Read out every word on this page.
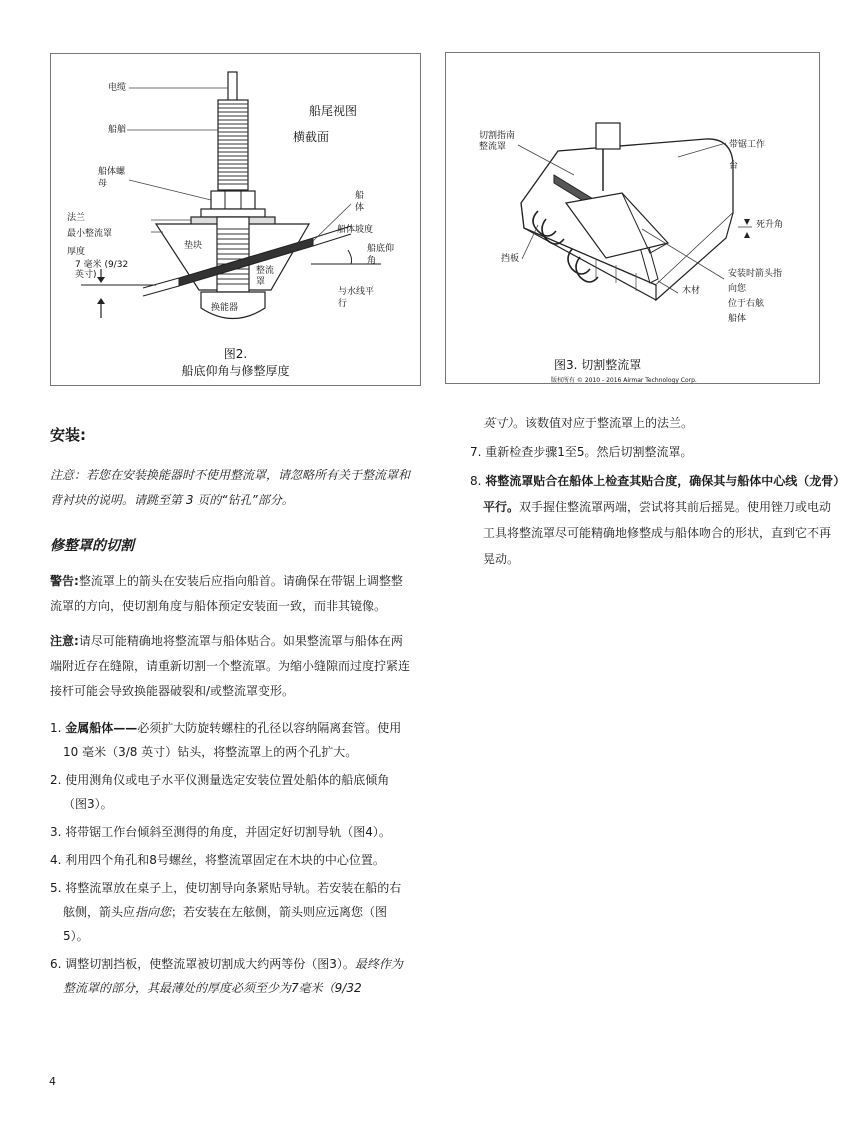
电缆
船艏
船体螺
母
法兰
最小整流罩
厚度
7 毫米 (9/32
英寸)
垫块
整流
罩
换能器
船尾视图
横截面
船
体
船体坡度
船底仰
角
与水线平
行
图2.
船底仰角与修整厚度
切割指南
整流罩	带锯工作
台
死升角
挡板
木材
安装时箭头指
向您
位于右舷
船体
图3. 切割整流罩
版权所有 © 2010 - 2016 Airmar Technology Corp.
安装:

注意：若您在安装换能器时不使用整流罩，请忽略所有关于整流罩和背衬块的说明。请跳至第 3 页的“钻孔”部分。

修整罩的切割

警告:整流罩上的箭头在安装后应指向船首。请确保在带锯上调整整流罩的方向，使切割角度与船体预定安装面一致，而非其镜像。

注意:请尽可能精确地将整流罩与船体贴合。如果整流罩与船体在两端附近存在缝隙，请重新切割一个整流罩。为缩小缝隙而过度拧紧连接杆可能会导致换能器破裂和/或整流罩变形。

1. 金属船体——必须扩大防旋转螺柱的孔径以容纳隔离套管。使用 10 毫米（3/8 英寸）钻头，将整流罩上的两个孔扩大。

2. 使用测角仪或电子水平仪测量选定安装位置处船体的船底倾角（图3）。

3. 将带锯工作台倾斜至测得的角度，并固定好切割导轨（图4）。

4. 利用四个角孔和8号螺丝，将整流罩固定在木块的中心位置。

5. 将整流罩放在桌子上，使切割导向条紧贴导轨。若安装在船的右舷侧，箭头应指向您；若安装在左舷侧，箭头则应远离您（图5）。

6. 调整切割挡板，使整流罩被切割成大约两等份（图3）。最终作为整流罩的部分，其最薄处的厚度必须至少为7毫米（9/32

4

英寸）。该数值对应于整流罩上的法兰。

7. 重新检查步骤1至5。然后切割整流罩。

8. 将整流罩贴合在船体上检查其贴合度，确保其与船体中心线（龙骨）平行。双手握住整流罩两端，尝试将其前后摇晃。使用锉刀或电动工具将整流罩尽可能精确地修整成与船体吻合的形状，直到它不再晃动。
